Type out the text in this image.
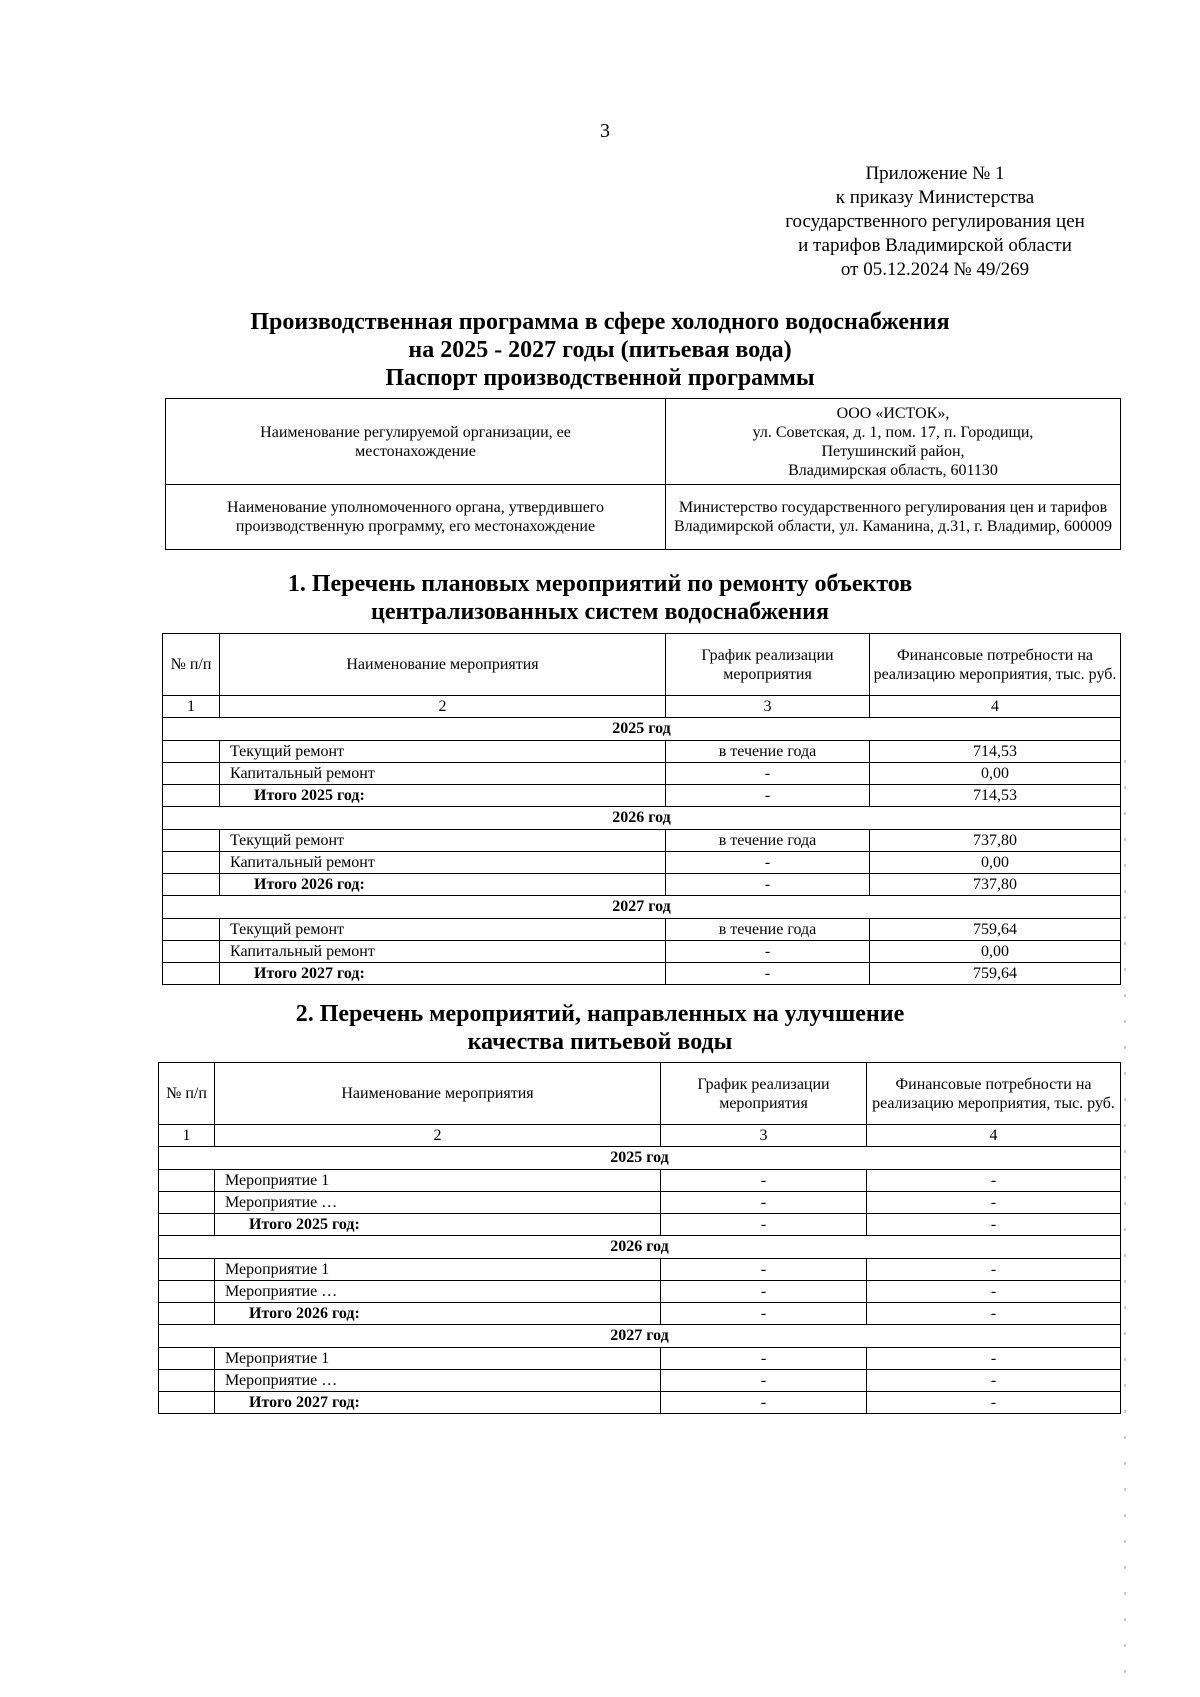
3
Приложение № 1
к приказу Министерства
государственного регулирования цен
и тарифов Владимирской области
от 05.12.2024 № 49/269
Производственная программа в сфере холодного водоснабжения
на 2025 - 2027 годы (питьевая вода)
Паспорт производственной программы
Наименование регулируемой организации, ее местонахождение	ООО «ИСТОК»,
ул. Советская, д. 1, пом. 17, п. Городищи,
Петушинский район,
Владимирская область, 601130

Наименование уполномоченного органа, утвердившего производственную программу, его местонахождение	Министерство государственного регулирования цен и тарифов Владимирской области, ул. Каманина, д.31, г. Владимир, 600009
1. Перечень плановых мероприятий по ремонту объектов
централизованных систем водоснабжения
№ п/п	Наименование мероприятия	График реализации мероприятия	Финансовые потребности на реализацию мероприятия, тыс. руб.
1	2	3	4
2025 год			
	Текущий ремонт	в течение года	714,53
	Капитальный ремонт	-	0,00
	Итого 2025 год:	-	714,53
2026 год			
	Текущий ремонт	в течение года	737,80
	Капитальный ремонт	-	0,00
	Итого 2026 год:	-	737,80
2027 год			
	Текущий ремонт	в течение года	759,64
	Капитальный ремонт	-	0,00
	Итого 2027 год:	-	759,64
2. Перечень мероприятий, направленных на улучшение
качества питьевой воды
№ п/п	Наименование мероприятия	График реализации мероприятия	Финансовые потребности на реализацию мероприятия, тыс. руб.
1	2	3	4
2025 год			
	Мероприятие 1	-	-
	Мероприятие …	-	-
	Итого 2025 год:	-	-
2026 год			
	Мероприятие 1	-	-
	Мероприятие …	-	-
	Итого 2026 год:	-	-
2027 год			
	Мероприятие 1	-	-
	Мероприятие …	-	-
	Итого 2027 год:	-	-
